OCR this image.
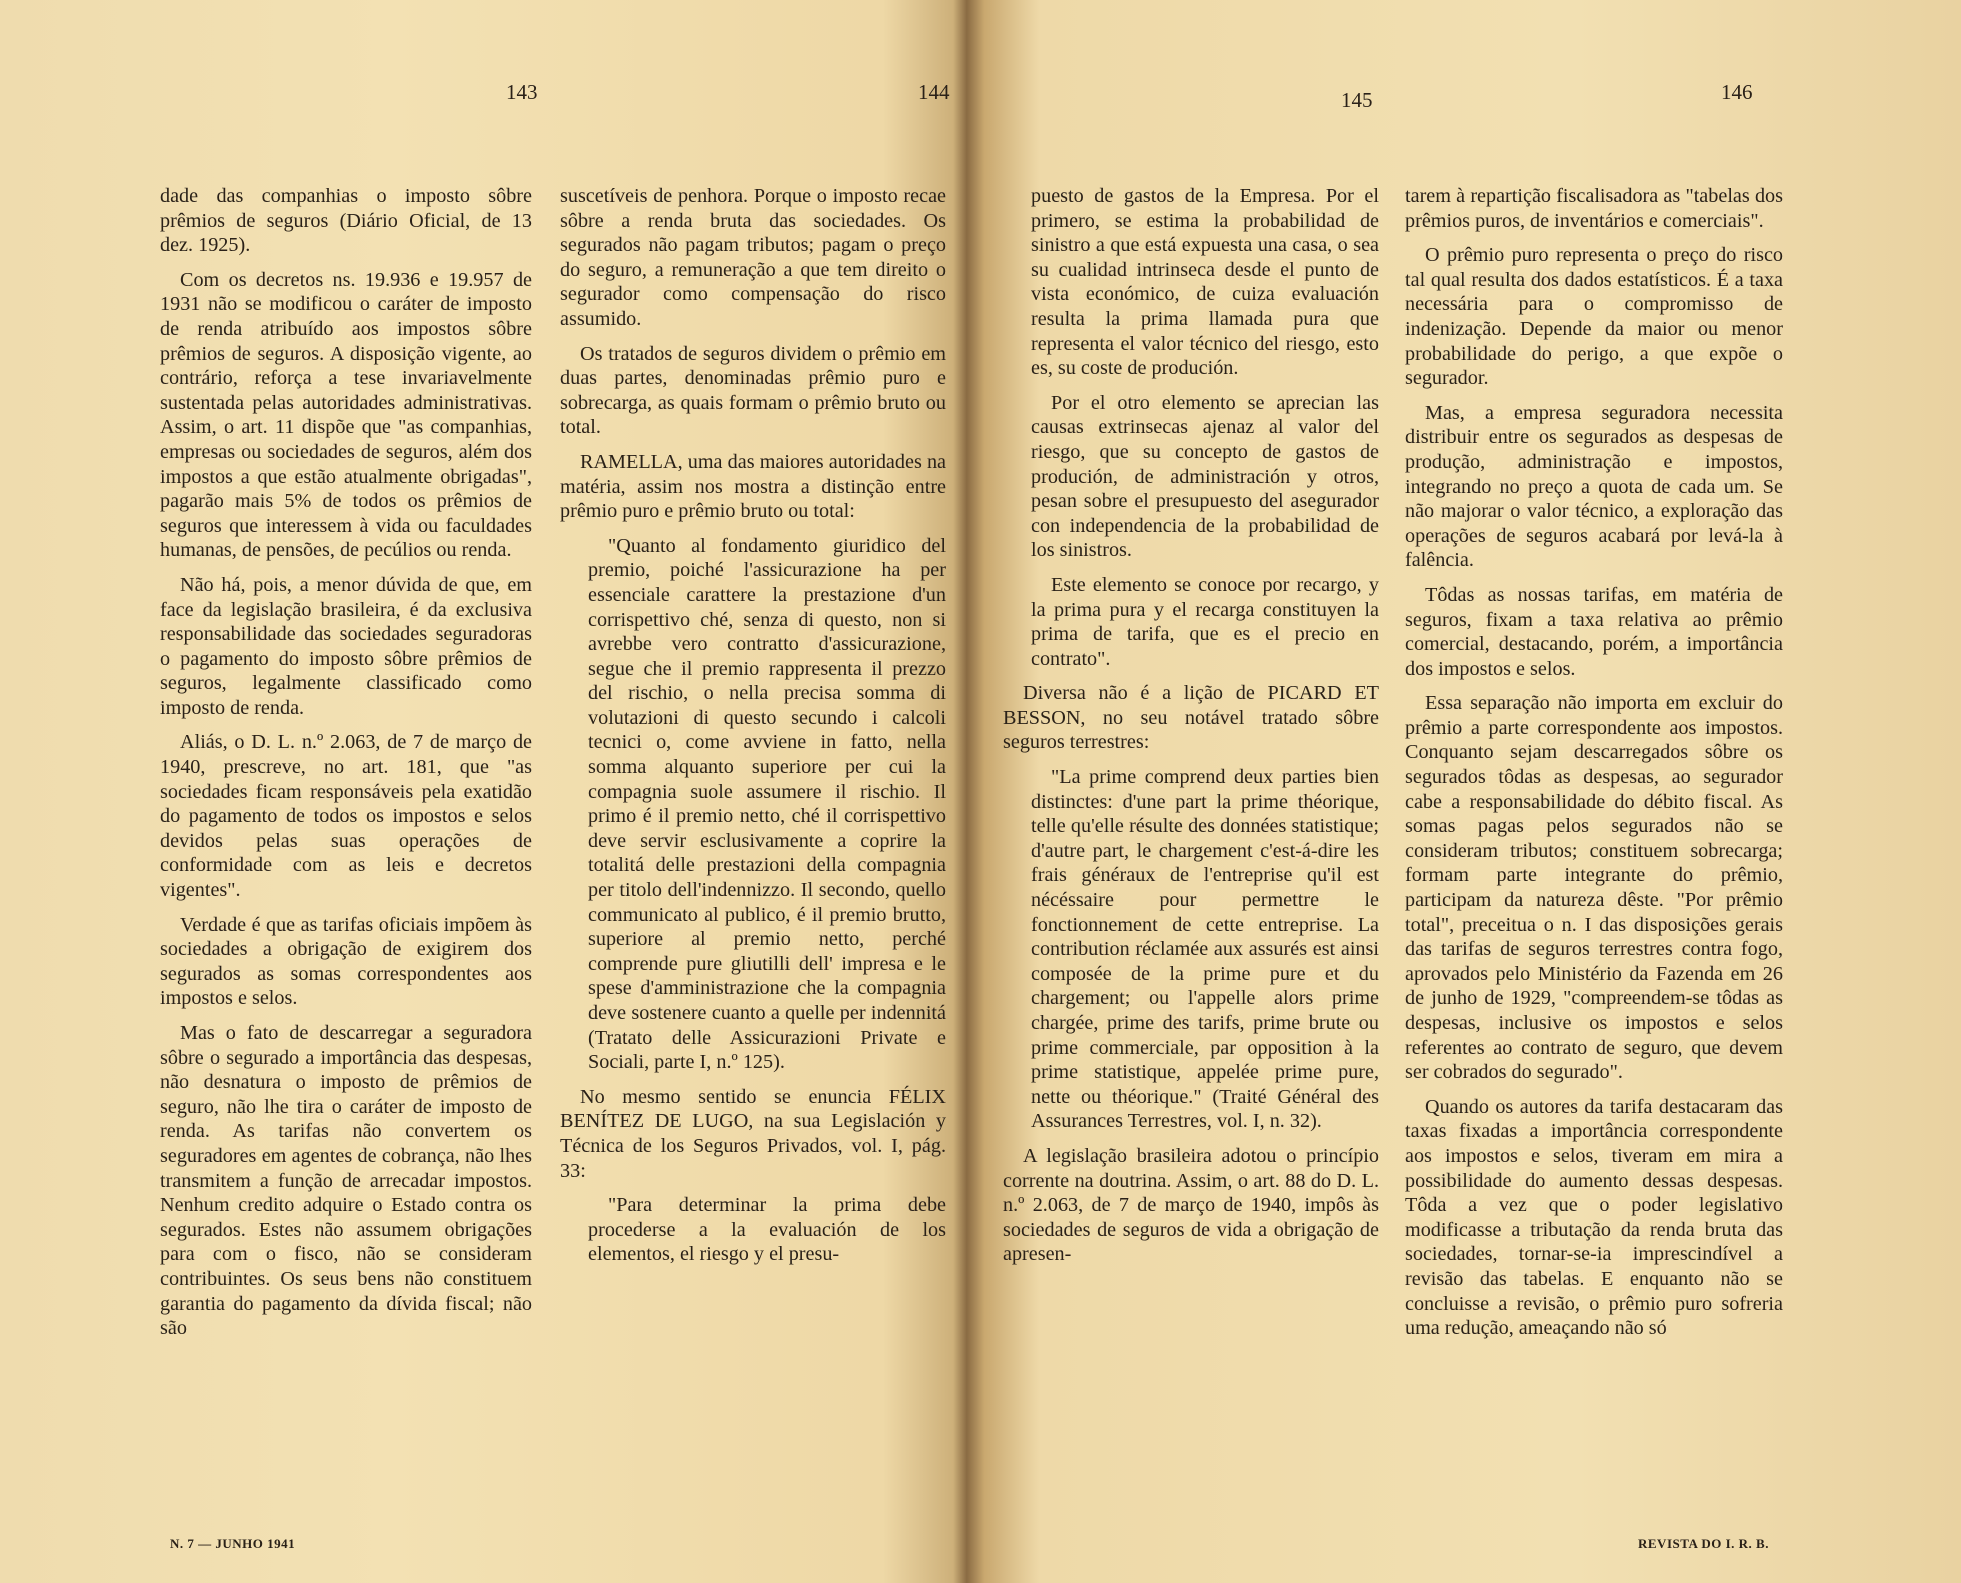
143	144

dade das companhias o imposto sôbre prêmios de seguros (Diário Oficial, de 13 dez. 1925).

Com os decretos ns. 19.936 e 19.957 de 1931 não se modificou o caráter de imposto de renda atribuído aos impostos sôbre prêmios de seguros. A disposição vigente, ao contrário, reforça a tese invariavelmente sustentada pelas autoridades administrativas. Assim, o art. 11 dispõe que "as companhias, empresas ou sociedades de seguros, além dos impostos a que estão atualmente obrigadas", pagarão mais 5% de todos os prêmios de seguros que interessem à vida ou faculdades humanas, de pensões, de pecúlios ou renda.

Não há, pois, a menor dúvida de que, em face da legislação brasileira, é da exclusiva responsabilidade das sociedades seguradoras o pagamento do imposto sôbre prêmios de seguros, legalmente classificado como imposto de renda.

Aliás, o D. L. n.º 2.063, de 7 de março de 1940, prescreve, no art. 181, que "as sociedades ficam responsáveis pela exatidão do pagamento de todos os impostos e selos devidos pelas suas operações de conformidade com as leis e decretos vigentes".

Verdade é que as tarifas oficiais impõem às sociedades a obrigação de exigirem dos segurados as somas correspondentes aos impostos e selos.

Mas o fato de descarregar a seguradora sôbre o segurado a importância das despesas, não desnatura o imposto de prêmios de seguro, não lhe tira o caráter de imposto de renda. As tarifas não convertem os seguradores em agentes de cobrança, não lhes transmitem a função de arrecadar impostos. Nenhum credito adquire o Estado contra os segurados. Estes não assumem obrigações para com o fisco, não se consideram contribuintes. Os seus bens não constituem garantia do pagamento da dívida fiscal; não são

suscetíveis de penhora. Porque o imposto recae sôbre a renda bruta das sociedades. Os segurados não pagam tributos; pagam o preço do seguro, a remuneração a que tem direito o segurador como compensação do risco assumido.

Os tratados de seguros dividem o prêmio em duas partes, denominadas prêmio puro e sobrecarga, as quais formam o prêmio bruto ou total.

RAMELLA, uma das maiores autoridades na matéria, assim nos mostra a distinção entre prêmio puro e prêmio bruto ou total:

"Quanto al fondamento giuridico del premio, poiché l'assicurazione ha per essenciale carattere la prestazione d'un corrispettivo ché, senza di questo, non si avrebbe vero contratto d'assicurazione, segue che il premio rappresenta il prezzo del rischio, o nella precisa somma di volutazioni di questo secundo i calcoli tecnici o, come avviene in fatto, nella somma alquanto superiore per cui la compagnia suole assumere il rischio. Il primo é il premio netto, ché il corrispettivo deve servir esclusivamente a coprire la totalitá delle prestazioni della compagnia per titolo dell'indennizzo. Il secondo, quello communicato al publico, é il premio brutto, superiore al premio netto, perché comprende pure gliutilli dell' impresa e le spese d'amministrazione che la compagnia deve sostenere cuanto a quelle per indennitá (Tratato delle Assicurazioni Private e Sociali, parte I, n.º 125).

No mesmo sentido se enuncia FÉLIX BENÍTEZ DE LUGO, na sua Legislación y Técnica de los Seguros Privados, vol. I, pág. 33:

"Para determinar la prima debe procederse a la evaluación de los elementos, el riesgo y el presu-

N. 7 — JUNHO 1941
145	146

puesto de gastos de la Empresa. Por el primero, se estima la probabilidad de sinistro a que está expuesta una casa, o sea su cualidad intrinseca desde el punto de vista económico, de cuiza evaluación resulta la prima llamada pura que representa el valor técnico del riesgo, esto es, su coste de produción.

Por el otro elemento se aprecian las causas extrinsecas ajenaz al valor del riesgo, que su concepto de gastos de produción, de administración y otros, pesan sobre el presupuesto del asegurador con independencia de la probabilidad de los sinistros.

Este elemento se conoce por recargo, y la prima pura y el recarga constituyen la prima de tarifa, que es el precio en contrato".

Diversa não é a lição de PICARD ET BESSON, no seu notável tratado sôbre seguros terrestres:

"La prime comprend deux parties bien distinctes: d'une part la prime théorique, telle qu'elle résulte des données statistique; d'autre part, le chargement c'est-á-dire les frais généraux de l'entreprise qu'il est nécéssaire pour permettre le fonctionnement de cette entreprise. La contribution réclamée aux assurés est ainsi composée de la prime pure et du chargement; ou l'appelle alors prime chargée, prime des tarifs, prime brute ou prime commerciale, par opposition à la prime statistique, appelée prime pure, nette ou théorique." (Traité Général des Assurances Terrestres, vol. I, n. 32).

A legislação brasileira adotou o princípio corrente na doutrina. Assim, o art. 88 do D. L. n.º 2.063, de 7 de março de 1940, impôs às sociedades de seguros de vida a obrigação de apresen-

tarem à repartição fiscalisadora as "tabelas dos prêmios puros, de inventários e comerciais".

O prêmio puro representa o preço do risco tal qual resulta dos dados estatísticos. É a taxa necessária para o compromisso de indenização. Depende da maior ou menor probabilidade do perigo, a que expõe o segurador.

Mas, a empresa seguradora necessita distribuir entre os segurados as despesas de produção, administração e impostos, integrando no preço a quota de cada um. Se não majorar o valor técnico, a exploração das operações de seguros acabará por levá-la à falência.

Tôdas as nossas tarifas, em matéria de seguros, fixam a taxa relativa ao prêmio comercial, destacando, porém, a importância dos impostos e selos.

Essa separação não importa em excluir do prêmio a parte correspondente aos impostos. Conquanto sejam descarregados sôbre os segurados tôdas as despesas, ao segurador cabe a responsabilidade do débito fiscal. As somas pagas pelos segurados não se consideram tributos; constituem sobrecarga; formam parte integrante do prêmio, participam da natureza dêste. "Por prêmio total", preceitua o n. I das disposições gerais das tarifas de seguros terrestres contra fogo, aprovados pelo Ministério da Fazenda em 26 de junho de 1929, "compreendem-se tôdas as despesas, inclusive os impostos e selos referentes ao contrato de seguro, que devem ser cobrados do segurado".

Quando os autores da tarifa destacaram das taxas fixadas a importância correspondente aos impostos e selos, tiveram em mira a possibilidade do aumento dessas despesas. Tôda a vez que o poder legislativo modificasse a tributação da renda bruta das sociedades, tornar-se-ia imprescindível a revisão das tabelas. E enquanto não se concluisse a revisão, o prêmio puro sofreria uma redução, ameaçando não só

REVISTA DO I. R. B.
